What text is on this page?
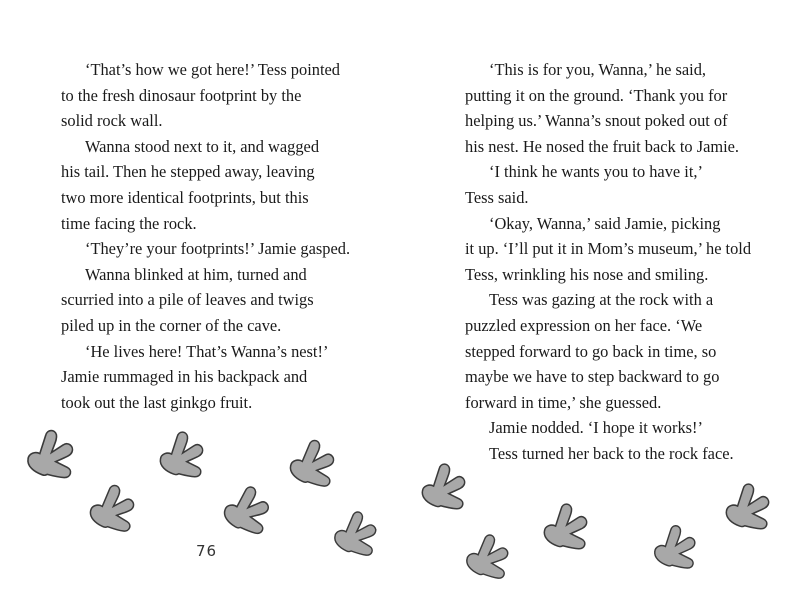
‘That’s how we got here!’ Tess pointed
to the fresh dinosaur footprint by the
solid rock wall.
Wanna stood next to it, and wagged
his tail. Then he stepped away, leaving
two more identical footprints, but this
time facing the rock.
‘They’re your footprints!’ Jamie gasped.
Wanna blinked at him, turned and
scurried into a pile of leaves and twigs
piled up in the corner of the cave.
‘He lives here! That’s Wanna’s nest!’
Jamie rummaged in his backpack and
took out the last ginkgo fruit.
76
‘This is for you, Wanna,’ he said,
putting it on the ground. ‘Thank you for
helping us.’ Wanna’s snout poked out of
his nest. He nosed the fruit back to Jamie.
‘I think he wants you to have it,’
Tess said.
‘Okay, Wanna,’ said Jamie, picking
it up. ‘I’ll put it in Mom’s museum,’ he told
Tess, wrinkling his nose and smiling.
Tess was gazing at the rock with a
puzzled expression on her face. ‘We
stepped forward to go back in time, so
maybe we have to step backward to go
forward in time,’ she guessed.
Jamie nodded. ‘I hope it works!’
Tess turned her back to the rock face.
